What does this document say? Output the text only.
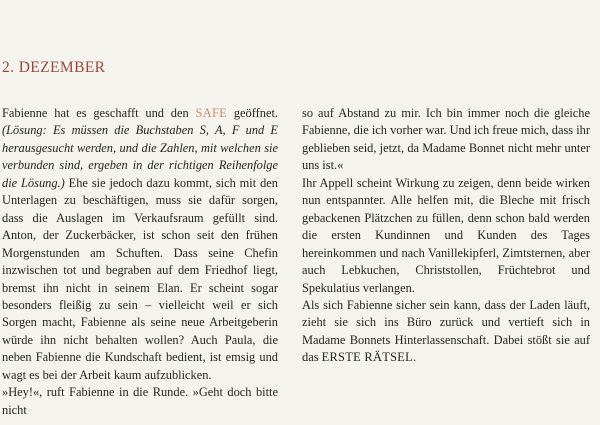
2. DEZEMBER

Fabienne hat es geschafft und den SAFE geöffnet. (Lösung: Es müssen die Buchstaben S, A, F und E herausgesucht werden, und die Zahlen, mit welchen sie verbunden sind, ergeben in der richtigen Reihenfolge die Lösung.) Ehe sie jedoch dazu kommt, sich mit den Unterlagen zu beschäftigen, muss sie dafür sorgen, dass die Auslagen im Verkaufsraum gefüllt sind. Anton, der Zuckerbäcker, ist schon seit den frühen Morgenstunden am Schuften. Dass seine Chefin inzwischen tot und begraben auf dem Friedhof liegt, bremst ihn nicht in seinem Elan. Er scheint sogar besonders fleißig zu sein – vielleicht weil er sich Sorgen macht, Fabienne als seine neue Arbeitgeberin würde ihn nicht behalten wollen? Auch Paula, die neben Fabienne die Kundschaft bedient, ist emsig und wagt es bei der Arbeit kaum aufzublicken.

»Hey!«, ruft Fabienne in die Runde. »Geht doch bitte nicht

so auf Abstand zu mir. Ich bin immer noch die gleiche Fabienne, die ich vorher war. Und ich freue mich, dass ihr geblieben seid, jetzt, da Madame Bonnet nicht mehr unter uns ist.«

Ihr Appell scheint Wirkung zu zeigen, denn beide wirken nun entspannter. Alle helfen mit, die Bleche mit frisch gebackenen Plätzchen zu füllen, denn schon bald werden die ersten Kundinnen und Kunden des Tages hereinkommen und nach Vanillekipferl, Zimtsternen, aber auch Lebkuchen, Christstollen, Früchtebrot und Spekulatius verlangen.

Als sich Fabienne sicher sein kann, dass der Laden läuft, zieht sie sich ins Büro zurück und vertieft sich in Madame Bonnets Hinterlassenschaft. Dabei stößt sie auf das ERSTE RÄTSEL.
